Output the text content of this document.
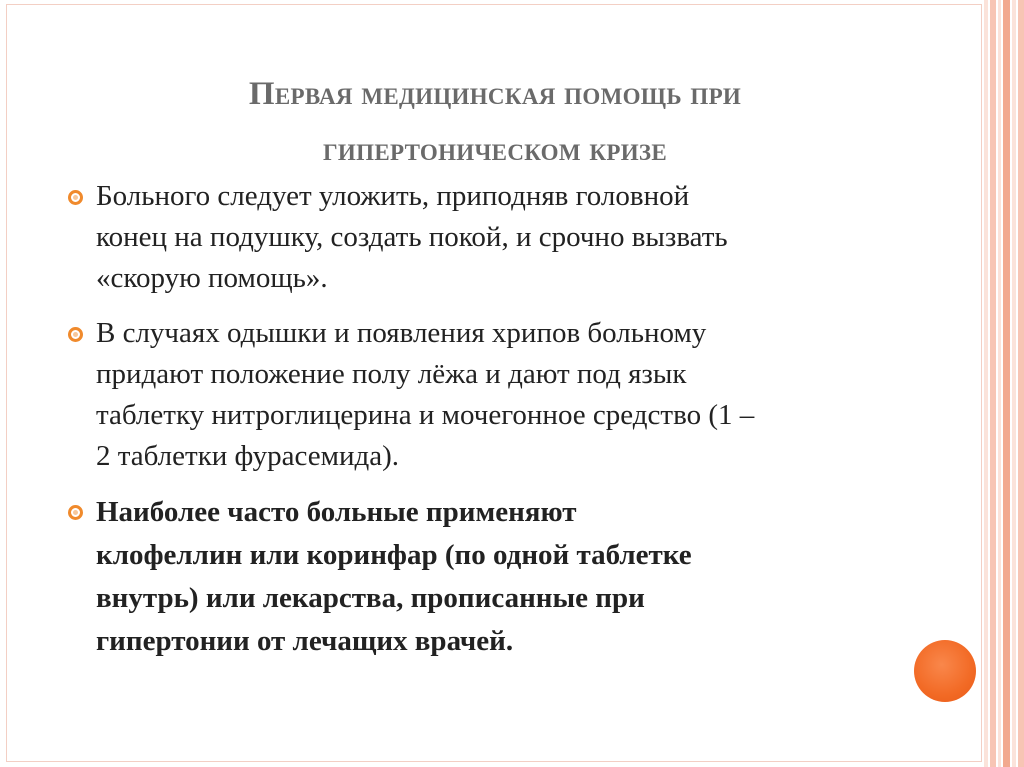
Первая медицинская помощь при
гипертоническом кризе
Больного следует уложить, приподняв головной
конец на подушку, создать покой, и срочно вызвать
«скорую помощь».
В случаях одышки и появления хрипов больному
придают положение полу лёжа и дают под язык
таблетку нитроглицерина и мочегонное средство (1 –
2 таблетки фурасемида).
Наиболее часто больные применяют
клофеллин или коринфар (по одной таблетке
внутрь) или лекарства, прописанные при
гипертонии от лечащих врачей.
